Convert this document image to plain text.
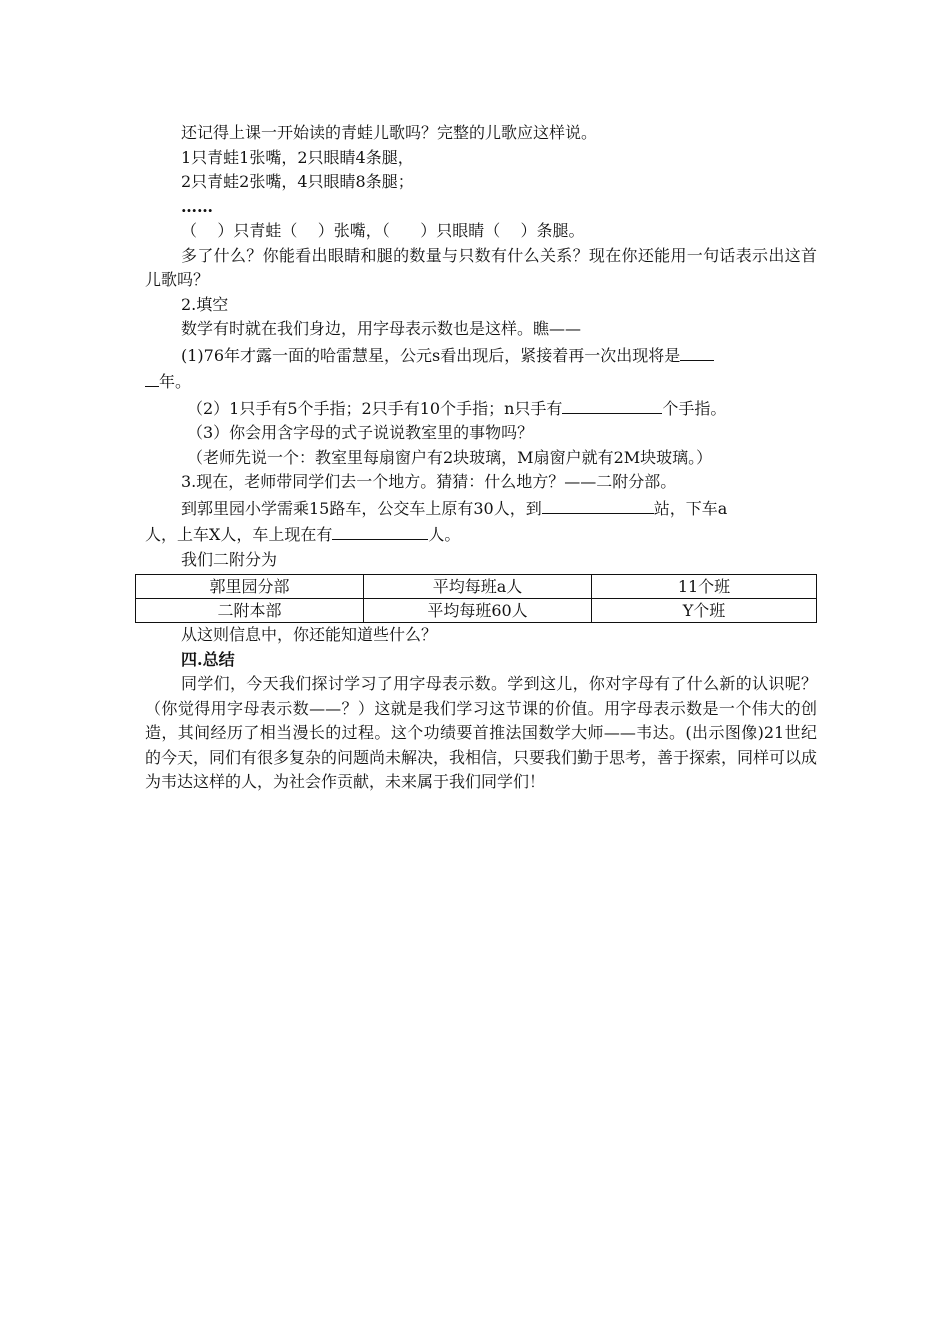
还记得上课一开始读的青蛙儿歌吗？完整的儿歌应这样说。

1只青蛙1张嘴，2只眼睛4条腿，

2只青蛙2张嘴，4只眼睛8条腿；

……

（    ）只青蛙（    ）张嘴，（      ）只眼睛（    ）条腿。

多了什么？你能看出眼睛和腿的数量与只数有什么关系？现在你还能用一句话表示出这首儿歌吗？

2.填空

数学有时就在我们身边，用字母表示数也是这样。瞧——

(1)76年才露一面的哈雷慧星，公元s看出现后，紧接着再一次出现将是

年。

（2）1只手有5个手指；2只手有10个手指；n只手有	个手指。

（3）你会用含字母的式子说说教室里的事物吗？

（老师先说一个：教室里每扇窗户有2块玻璃，M扇窗户就有2M块玻璃。）

3.现在，老师带同学们去一个地方。猜猜：什么地方？——二附分部。

到郭里园小学需乘15路车，公交车上原有30人，到	站，下车a

人，上车X人，车上现在有	人。

我们二附分为

郭里园分部	平均每班a人	11个班
二附本部	平均每班60人	Y个班

从这则信息中，你还能知道些什么？

四.总结

同学们，今天我们探讨学习了用字母表示数。学到这儿，你对字母有了什么新的认识呢？（你觉得用字母表示数——？）这就是我们学习这节课的价值。用字母表示数是一个伟大的创造，其间经历了相当漫长的过程。这个功绩要首推法国数学大师——韦达。(出示图像)21世纪的今天，同们有很多复杂的问题尚未解决，我相信，只要我们勤于思考，善于探索，同样可以成为韦达这样的人，为社会作贡献，未来属于我们同学们！
